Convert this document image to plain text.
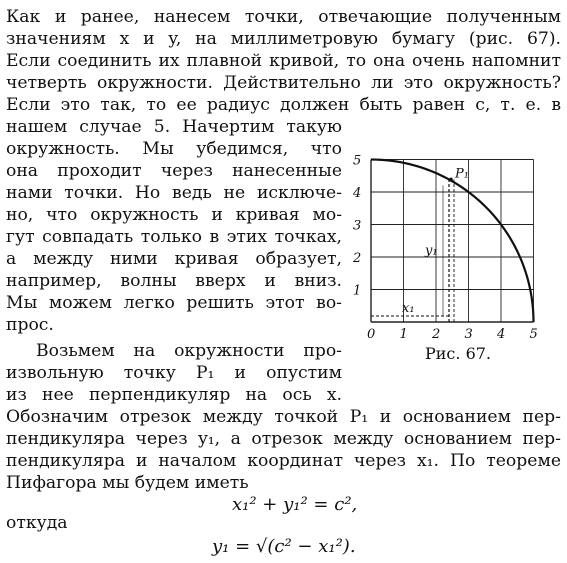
Как и ранее, нанесем точки, отвечающие полученным
значениям x и y, на миллиметровую бумагу (рис. 67).
Если соединить их плавной кривой, то она очень напомнит
четверть окружности. Действительно ли это окружность?
Если это так, то ее радиус должен быть равен c, т. е. в
нашем случае 5. Начертим такую
окружность. Мы убедимся, что
она проходит через нанесенные
нами точки. Но ведь не исключе-
но, что окружность и кривая мо-
гут совпадать только в этих точках,
а между ними кривая образует,
например, волны вверх и вниз.
Мы можем легко решить этот во-
прос.
Возьмем на окружности про-
извольную точку P₁ и опустим
из нее перпендикуляр на ось x.
Обозначим отрезок между точкой P₁ и основанием пер-
пендикуляра через y₁, а отрезок между основанием пер-
пендикуляра и началом координат через x₁. По теореме
Пифагора мы будем иметь
x₁² + y₁² = c²,
откуда
y₁ = √(c² − x₁²).
0 1 2 3 4 5
1
2
3
4
5
P₁
y₁
x₁
Рис. 67.
